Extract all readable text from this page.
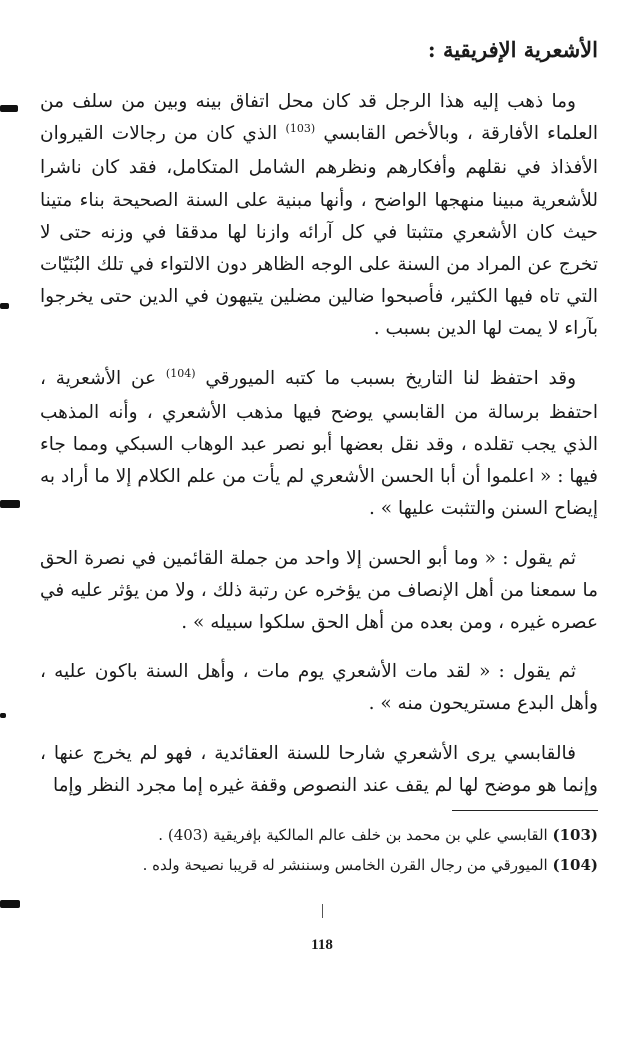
الأشعرية الإفريقية :

وما ذهب إليه هذا الرجل قد كان محل اتفاق بينه وبين من سلف من العلماء الأفارقة ، وبالأخص القابسي $^{(103)}$ الذي كان من رجالات القيروان الأفذاذ في نقلهم وأفكارهم ونظرهم الشامل المتكامل، فقد كان ناشرا للأشعرية مبينا منهجها الواضح ، وأنها مبنية على السنة الصحيحة بناء متينا حيث كان الأشعري متثبتا في كل آرائه وازنا لها مدققا في وزنه حتى لا تخرج عن المراد من السنة على الوجه الظاهر دون الالتواء في تلك البُنَيّات التي تاه فيها الكثير، فأصبحوا ضالين مضلين يتيهون في الدين حتى يخرجوا بآراء لا يمت لها الدين بسبب .

وقد احتفظ لنا التاريخ بسبب ما كتبه الميورقي $^{(104)}$ عن الأشعرية ، احتفظ برسالة من القابسي يوضح فيها مذهب الأشعري ، وأنه المذهب الذي يجب تقلده ، وقد نقل بعضها أبو نصر عبد الوهاب السبكي ومما جاء فيها : « اعلموا أن أبا الحسن الأشعري لم يأت من علم الكلام إلا ما أراد به إيضاح السنن والتثبت عليها » .

ثم يقول : « وما أبو الحسن إلا واحد من جملة القائمين في نصرة الحق ما سمعنا من أهل الإنصاف من يؤخره عن رتبة ذلك ، ولا من يؤثر عليه في عصره غيره ، ومن بعده من أهل الحق سلكوا سبيله » .

ثم يقول : « لقد مات الأشعري يوم مات ، وأهل السنة باكون عليه ، وأهل البدع مستريحون منه » .

فالقابسي يرى الأشعري شارحا للسنة العقائدية ، فهو لم يخرج عنها ، وإنما هو موضح لها لم يقف عند النصوص وقفة غيره إما مجرد النظر وإما

(103) القابسي علي بن محمد بن خلف عالم المالكية بإفريقية (403) .

(104) الميورقي من رجال القرن الخامس وسننشر له قريبا نصيحة ولده .

118
